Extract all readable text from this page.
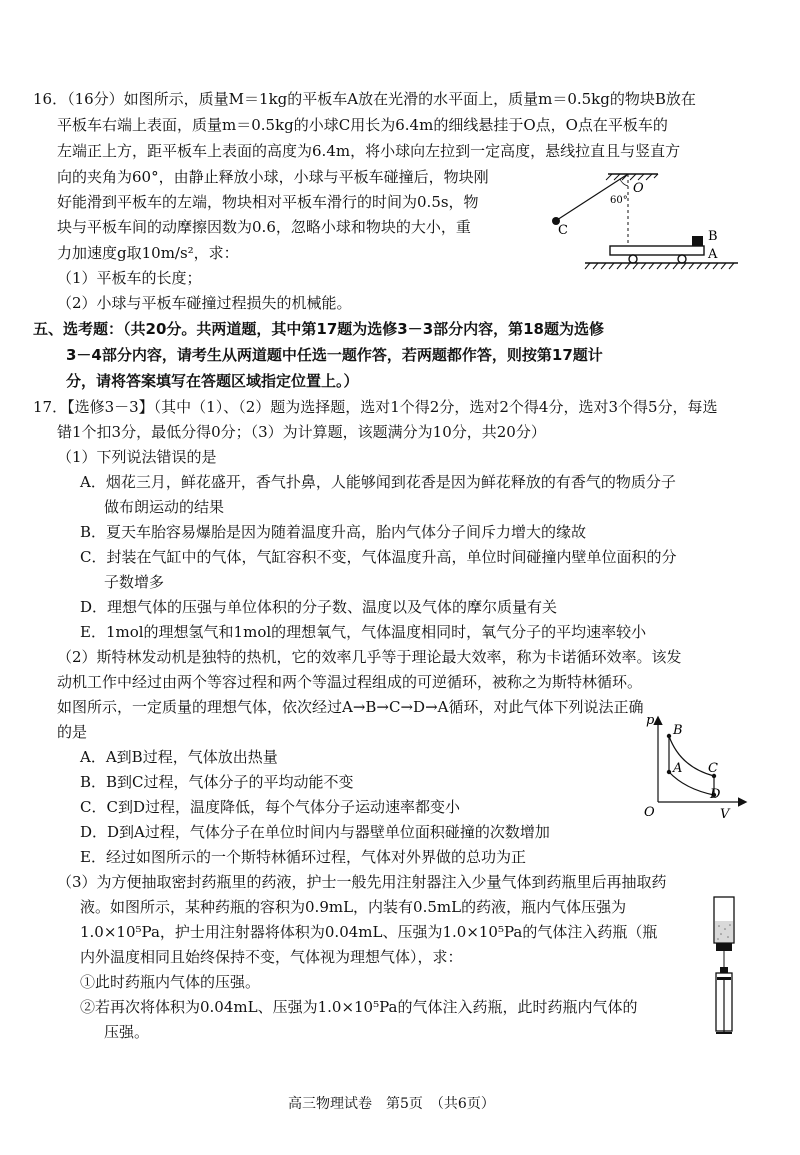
16．（16分）如图所示，质量M＝1kg的平板车A放在光滑的水平面上，质量m＝0.5kg的物块B放在
平板车右端上表面，质量m＝0.5kg的小球C用长为6.4m的细线悬挂于O点，O点在平板车的
左端正上方，距平板车上表面的高度为6.4m，将小球向左拉到一定高度，悬线拉直且与竖直方
向的夹角为60°，由静止释放小球，小球与平板车碰撞后，物块刚
好能滑到平板车的左端，物块相对平板车滑行的时间为0.5s，物
块与平板车间的动摩擦因数为0.6，忽略小球和物块的大小，重
力加速度g取10m/s²，求：
（1）平板车的长度；
（2）小球与平板车碰撞过程损失的机械能。
O
60°
C	B
A
五、选考题：（共20分。共两道题，其中第17题为选修3－3部分内容，第18题为选修
3－4部分内容，请考生从两道题中任选一题作答，若两题都作答，则按第17题计
分，请将答案填写在答题区域指定位置上。）
17．【选修3－3】（其中（1）、（2）题为选择题，选对1个得2分，选对2个得4分，选对3个得5分，每选
错1个扣3分，最低分得0分；（3）为计算题，该题满分为10分，共20分）
（1）下列说法错误的是
A．烟花三月，鲜花盛开，香气扑鼻，人能够闻到花香是因为鲜花释放的有香气的物质分子
做布朗运动的结果
B．夏天车胎容易爆胎是因为随着温度升高，胎内气体分子间斥力增大的缘故
C．封装在气缸中的气体，气缸容积不变，气体温度升高，单位时间碰撞内壁单位面积的分
子数增多
D．理想气体的压强与单位体积的分子数、温度以及气体的摩尔质量有关
E．1mol的理想氢气和1mol的理想氧气，气体温度相同时，氧气分子的平均速率较小
（2）斯特林发动机是独特的热机，它的效率几乎等于理论最大效率，称为卡诺循环效率。该发
动机工作中经过由两个等容过程和两个等温过程组成的可逆循环，被称之为斯特林循环。
如图所示，一定质量的理想气体，依次经过A→B→C→D→A循环，对此气体下列说法正确
的是
A．A到B过程，气体放出热量
B．B到C过程，气体分子的平均动能不变
C．C到D过程，温度降低，每个气体分子运动速率都变小
D．D到A过程，气体分子在单位时间内与器壁单位面积碰撞的次数增加
E．经过如图所示的一个斯特林循环过程，气体对外界做的总功为正
（3）为方便抽取密封药瓶里的药液，护士一般先用注射器注入少量气体到药瓶里后再抽取药
液。如图所示，某种药瓶的容积为0.9mL，内装有0.5mL的药液，瓶内气体压强为
1.0×10⁵Pa，护士用注射器将体积为0.04mL、压强为1.0×10⁵Pa的气体注入药瓶（瓶
内外温度相同且始终保持不变，气体视为理想气体），求：
①此时药瓶内气体的压强。
②若再次将体积为0.04mL、压强为1.0×10⁵Pa的气体注入药瓶，此时药瓶内气体的
压强。
p
V
O
B
A C
D
高三物理试卷　第5页　（共6页）
